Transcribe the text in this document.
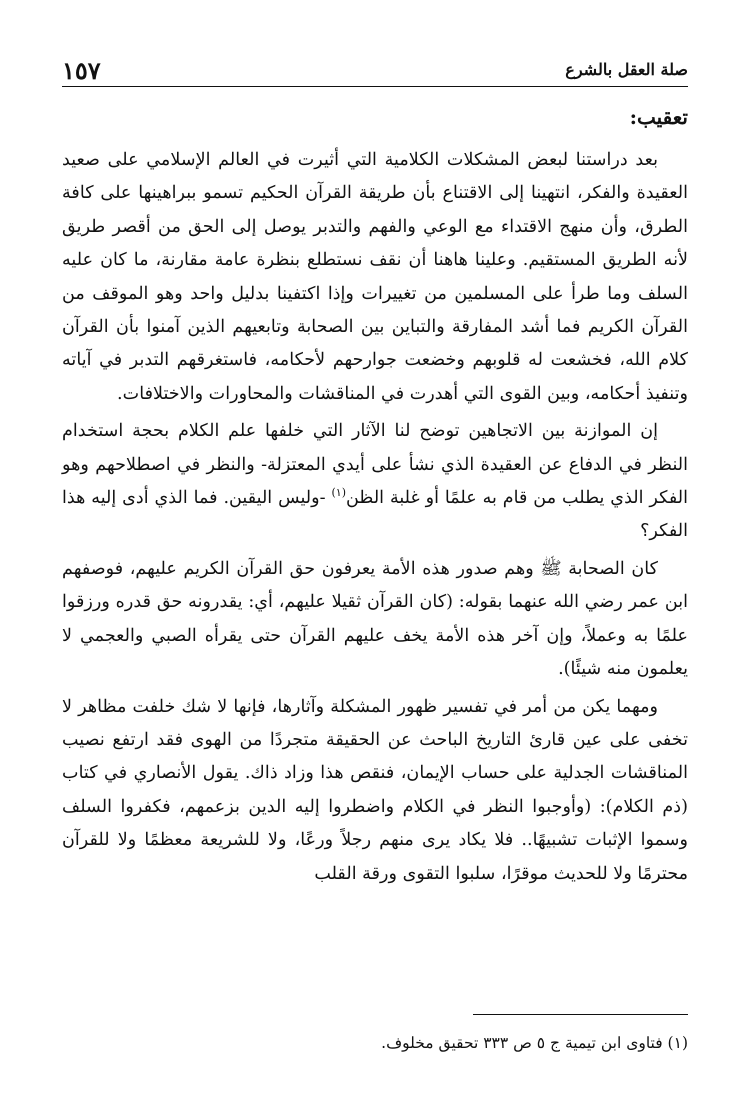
صلة العقل بالشرع
١٥٧
تعقيب:

بعد دراستنا لبعض المشكلات الكلامية التي أثيرت في العالم الإسلامي على صعيد العقيدة والفكر، انتهينا إلى الاقتناع بأن طريقة القرآن الحكيم تسمو ببراهينها على كافة الطرق، وأن منهج الاقتداء مع الوعي والفهم والتدبر يوصل إلى الحق من أقصر طريق لأنه الطريق المستقيم. وعلينا هاهنا أن نقف نستطلع بنظرة عامة مقارنة، ما كان عليه السلف وما طرأ على المسلمين من تغييرات وإذا اكتفينا بدليل واحد وهو الموقف من القرآن الكريم فما أشد المفارقة والتباين بين الصحابة وتابعيهم الذين آمنوا بأن القرآن كلام الله، فخشعت له قلوبهم وخضعت جوارحهم لأحكامه، فاستغرقهم التدبر في آياته وتنفيذ أحكامه، وبين القوى التي أهدرت في المناقشات والمحاورات والاختلافات.

إن الموازنة بين الاتجاهين توضح لنا الآثار التي خلفها علم الكلام بحجة استخدام النظر في الدفاع عن العقيدة الذي نشأ على أيدي المعتزلة- والنظر في اصطلاحهم وهو الفكر الذي يطلب من قام به علمًا أو غلبة الظن$^{(١)}$ -وليس اليقين. فما الذي أدى إليه هذا الفكر؟

كان الصحابة ﷺ وهم صدور هذه الأمة يعرفون حق القرآن الكريم عليهم، فوصفهم ابن عمر رضي الله عنهما بقوله: (كان القرآن ثقيلا عليهم، أي: يقدرونه حق قدره ورزقوا علمًا به وعملاً، وإن آخر هذه الأمة يخف عليهم القرآن حتى يقرأه الصبي والعجمي لا يعلمون منه شيئًا).

ومهما يكن من أمر في تفسير ظهور المشكلة وآثارها، فإنها لا شك خلفت مظاهر لا تخفى على عين قارئ التاريخ الباحث عن الحقيقة متجردًا من الهوى فقد ارتفع نصيب المناقشات الجدلية على حساب الإيمان، فنقص هذا وزاد ذاك. يقول الأنصاري في كتاب (ذم الكلام): (وأوجبوا النظر في الكلام واضطروا إليه الدين بزعمهم، فكفروا السلف وسموا الإثبات تشبيهًا.. فلا يكاد يرى منهم رجلاً ورعًا، ولا للشريعة معظمًا ولا للقرآن محترمًا ولا للحديث موقرًا، سلبوا التقوى ورقة القلب

(١) فتاوى ابن تيمية ج ٥ ص ٣٣٣ تحقيق مخلوف.
